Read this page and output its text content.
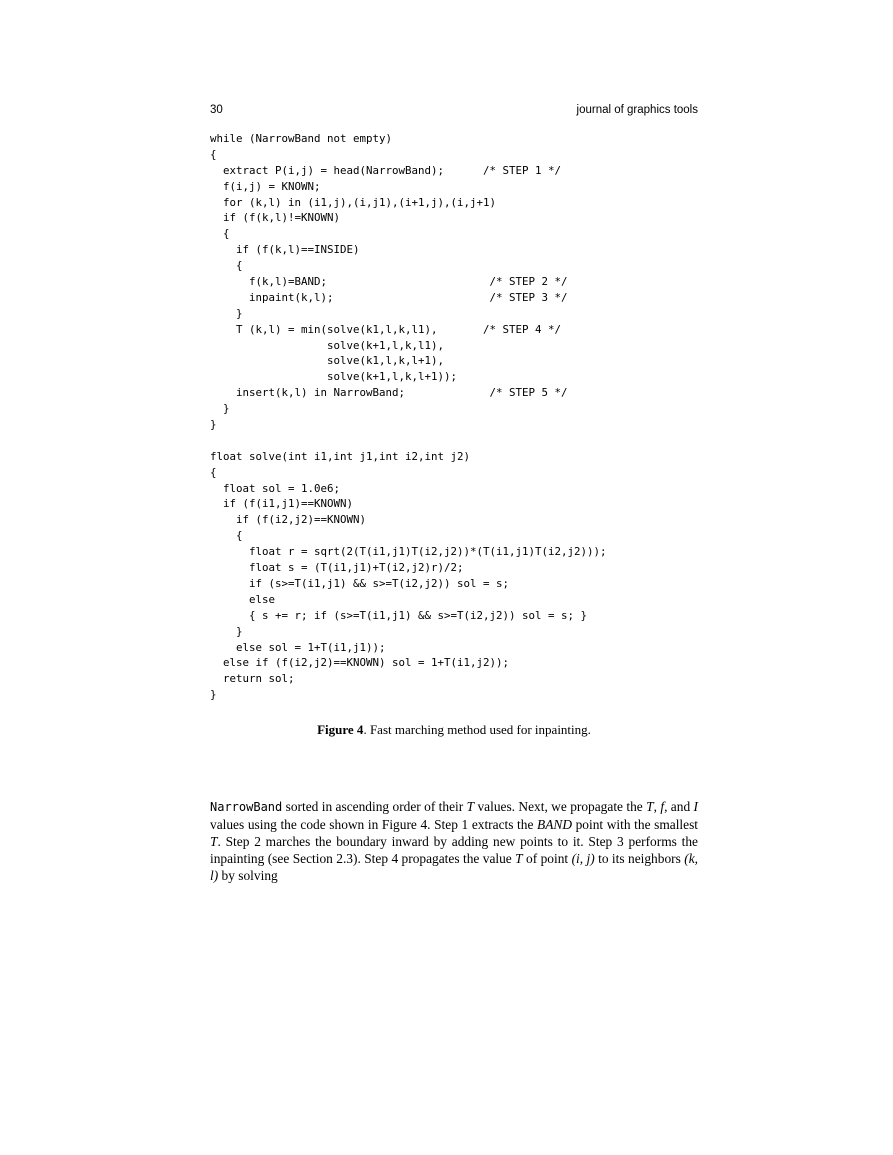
30	journal of graphics tools
while (NarrowBand not empty)
{
extract P(i,j) = head(NarrowBand);      /* STEP 1 */
f(i,j) = KNOWN;
for (k,l) in (i1,j),(i,j1),(i+1,j),(i,j+1)
if (f(k,l)!=KNOWN)
{
if (f(k,l)==INSIDE)
{
f(k,l)=BAND;                         /* STEP 2 */
inpaint(k,l);                        /* STEP 3 */
}
T (k,l) = min(solve(k1,l,k,l1),       /* STEP 4 */
solve(k+1,l,k,l1),
solve(k1,l,k,l+1),
solve(k+1,l,k,l+1));
insert(k,l) in NarrowBand;             /* STEP 5 */
}
}
float solve(int i1,int j1,int i2,int j2)
{
float sol = 1.0e6;
if (f(i1,j1)==KNOWN)
if (f(i2,j2)==KNOWN)
{
float r = sqrt(2(T(i1,j1)T(i2,j2))*(T(i1,j1)T(i2,j2)));
float s = (T(i1,j1)+T(i2,j2)r)/2;
if (s>=T(i1,j1) && s>=T(i2,j2)) sol = s;
else
{ s += r; if (s>=T(i1,j1) && s>=T(i2,j2)) sol = s; }
}
else sol = 1+T(i1,j1));
else if (f(i2,j2)==KNOWN) sol = 1+T(i1,j2));
return sol;
}
Figure 4. Fast marching method used for inpainting.

NarrowBand sorted in ascending order of their T values. Next, we propagate the T, f, and I values using the code shown in Figure 4. Step 1 extracts the BAND point with the smallest T. Step 2 marches the boundary inward by adding new points to it. Step 3 performs the inpainting (see Section 2.3). Step 4 propagates the value T of point (i, j) to its neighbors (k, l) by solving
